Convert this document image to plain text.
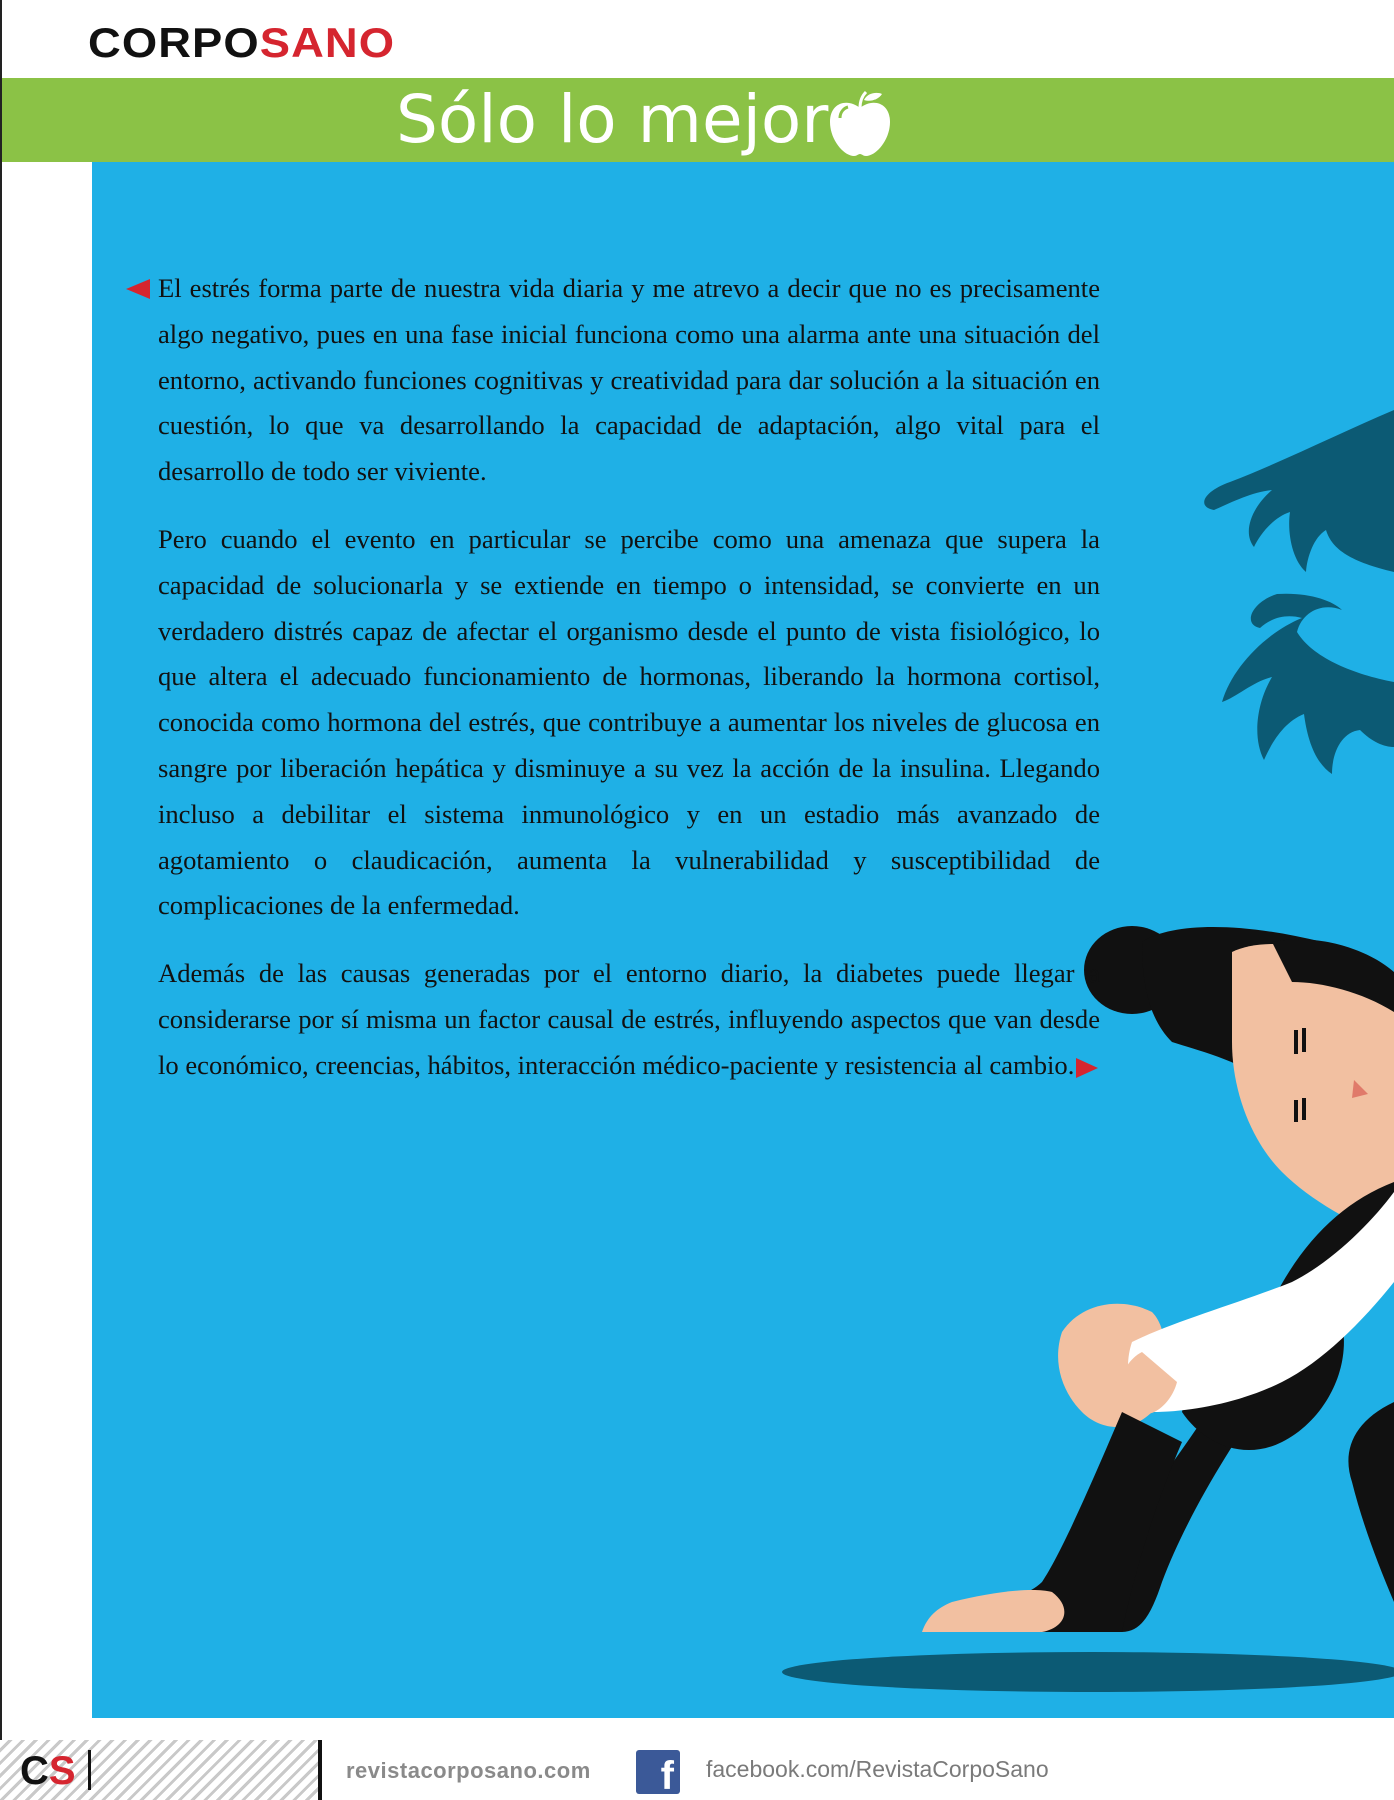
CORPOSANO
Sólo lo mejor

El estrés forma parte de nuestra vida diaria y me atrevo a decir que no es precisamente algo negativo, pues en una fase inicial funciona como una alarma ante una situación del entorno, activando funciones cognitivas y creatividad para dar solución a la situación en cuestión, lo que va desarrollando la capacidad de adaptación, algo vital para el desarrollo de todo ser viviente.

Pero cuando el evento en particular se percibe como una amenaza que supera la capacidad de solucionarla y se extiende en tiempo o intensidad, se convierte en un verdadero distrés capaz de afectar el organismo desde el punto de vista fisiológico, lo que altera el adecuado funcionamiento de hormonas, liberando la hormona cortisol, conocida como hormona del estrés, que contribuye a aumentar los niveles de glucosa en sangre por liberación hepática y disminuye a su vez la acción de la insulina. Llegando incluso a debilitar el sistema inmunológico y en un estadio más avanzado de agotamiento o claudicación, aumenta la vulnerabilidad y susceptibilidad de complicaciones de la enfermedad.

Además de las causas generadas por el entorno diario, la diabetes puede llegar a considerarse por sí misma un factor causal de estrés, influyendo aspectos que van desde lo económico, creencias, hábitos, interacción médico-paciente y resistencia al cambio.

CS	revistacorposano.com	f facebook.com/RevistaCorpoSano
